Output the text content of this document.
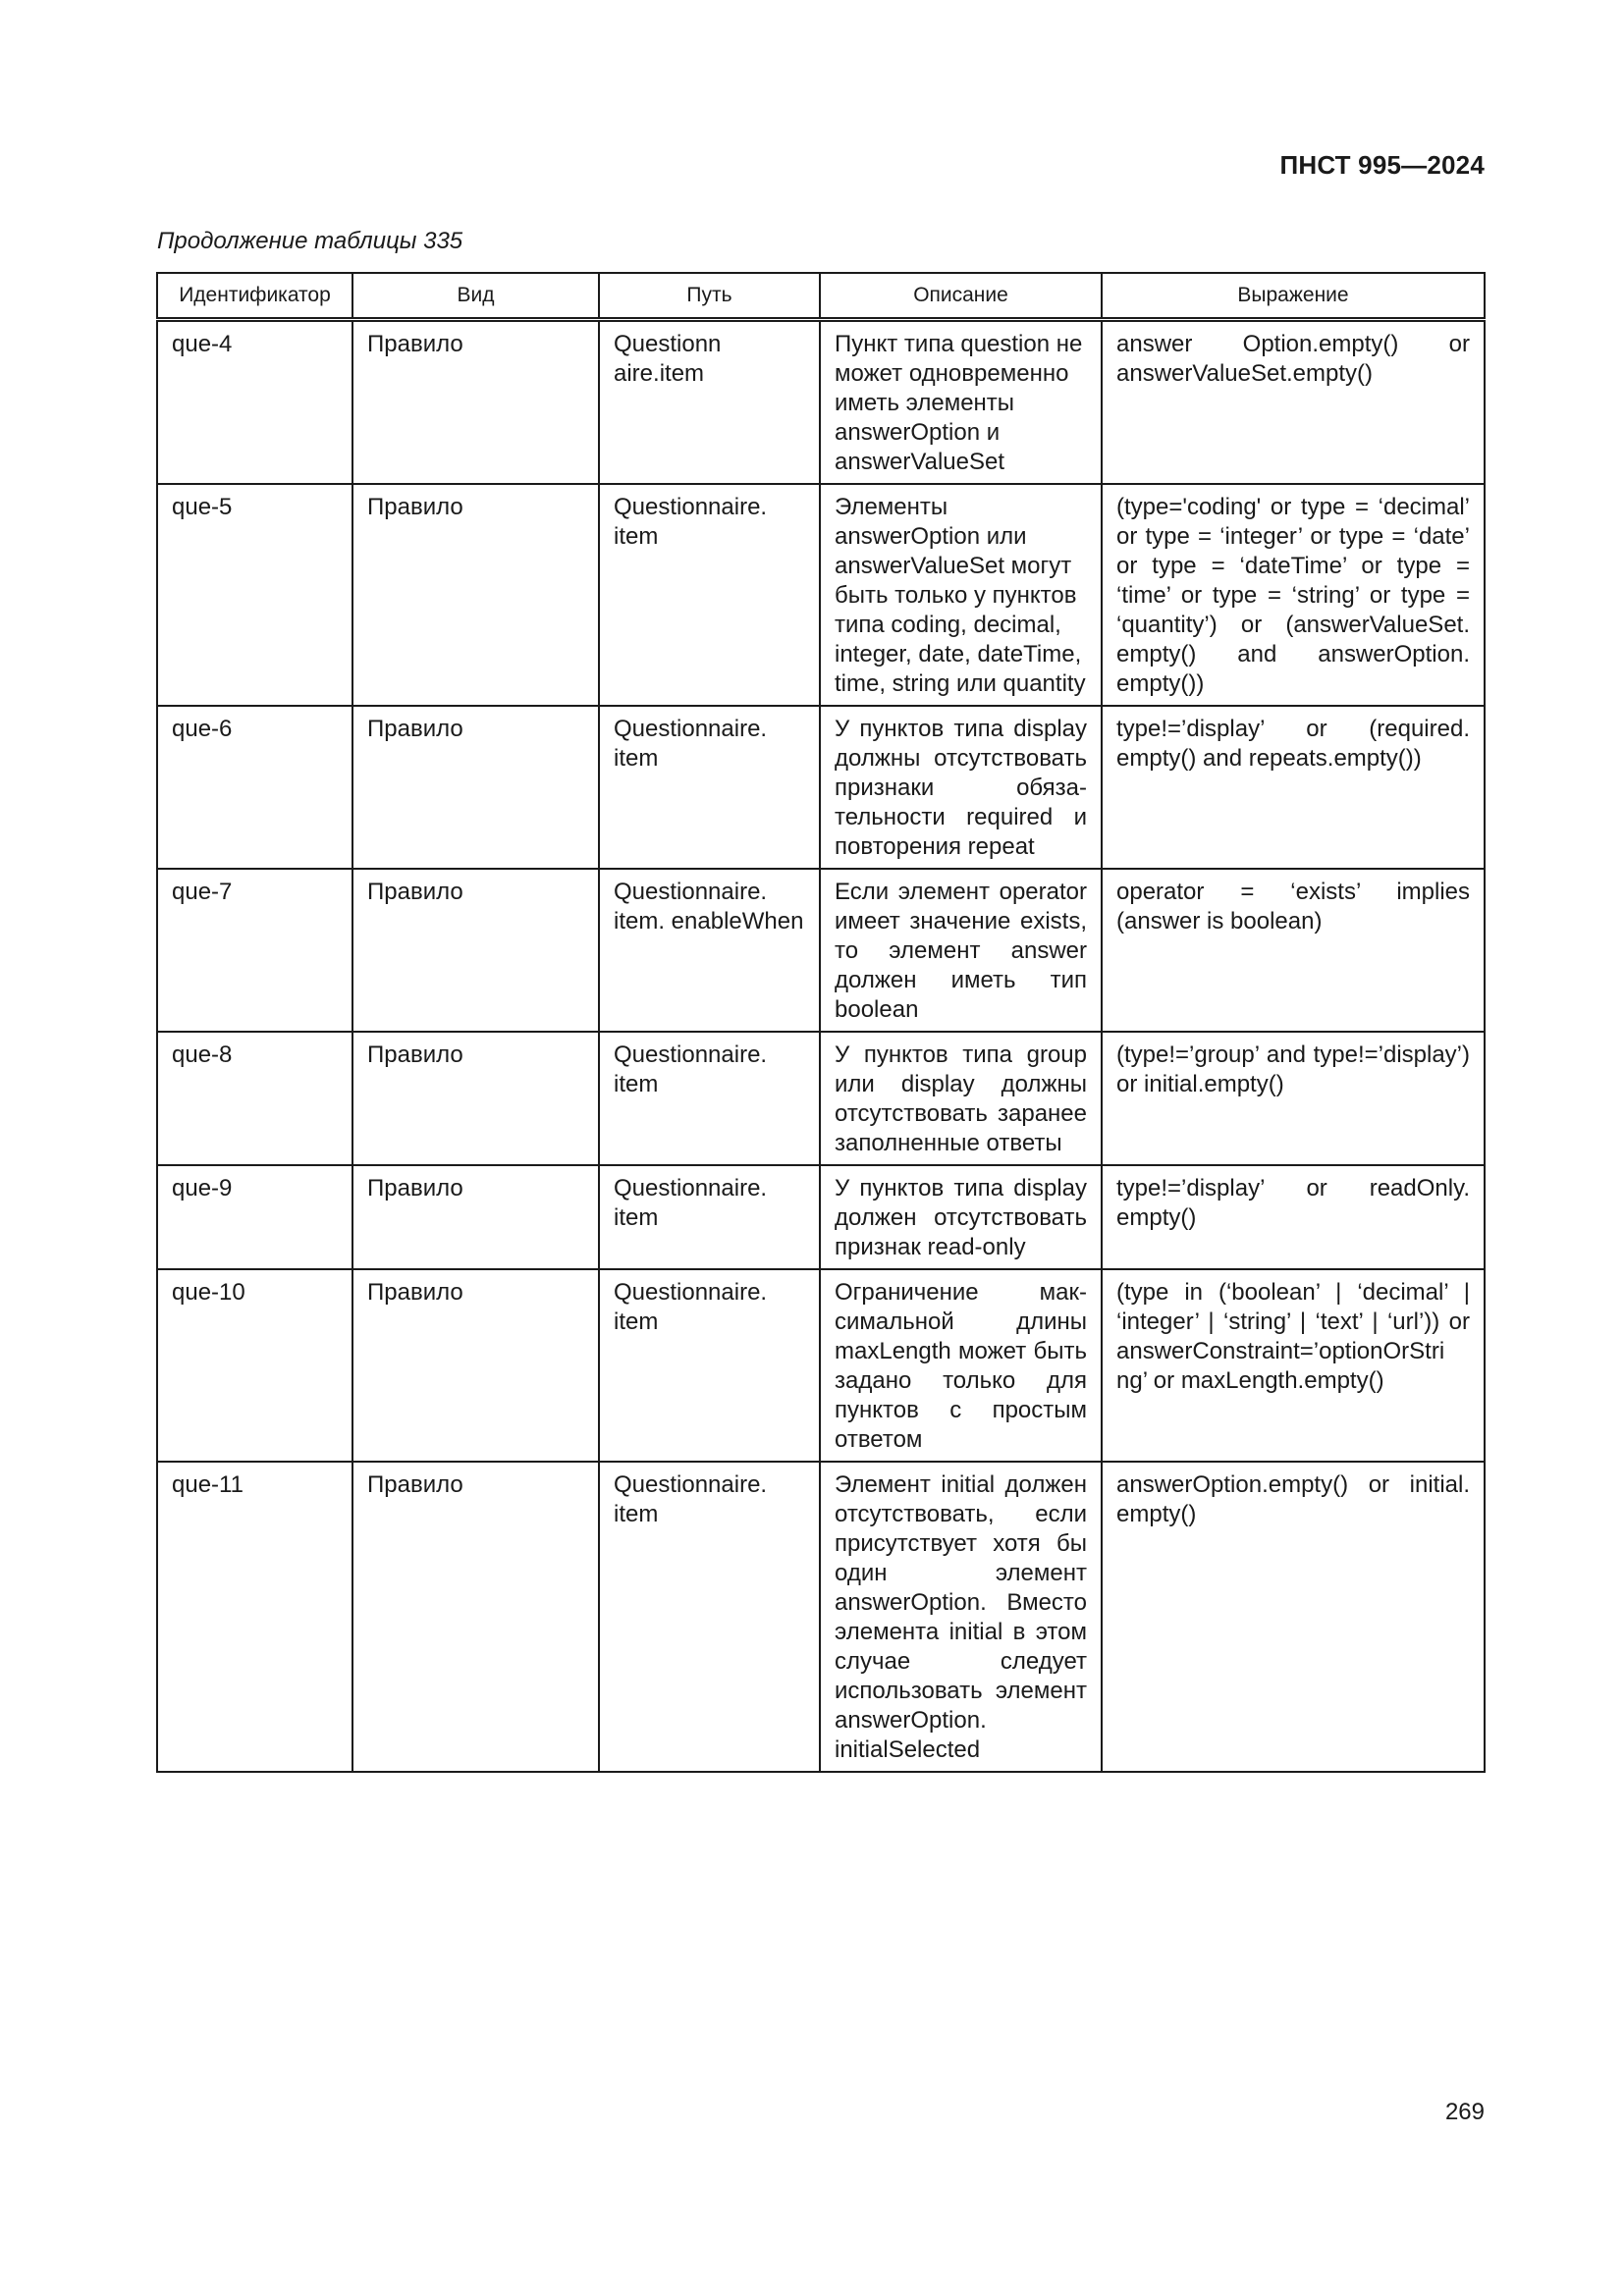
ПНСТ 995—2024
Продолжение таблицы 335
Идентификатор	Вид	Путь	Описание	Выражение
que-4	Правило	Questionn aire.item	Пункт типа question не может одновременно иметь элементы answerOption и answerValueSet	answer Option.empty() or answerValueSet.empty()
que-5	Правило	Questionnaire. item	Элементы answerOption или answerValueSet могут быть только у пунктов типа coding, decimal, integer, date, dateTime, time, string или quantity	(type='coding' or type = ‘decimal’ or type = ‘integer’ or type = ‘date’ or type = ‘dateTime’ or type = ‘time’ or type = ‘string’ or type = ‘quantity’) or (answerValueSet. empty() and answerOption. empty())
que-6	Правило	Questionnaire. item	У пунктов типа display должны отсутствовать признаки обязательности required и повторения repeat	type!=’display’ or (required. empty() and repeats.empty())
que-7	Правило	Questionnaire. item. enableWhen	Если элемент operator имеет значение exists, то элемент answer должен иметь тип boolean	operator = ‘exists’ implies (answer is boolean)
que-8	Правило	Questionnaire. item	У пунктов типа group или display должны отсутствовать заранее заполненные ответы	(type!=’group’ and type!=’display’) or initial.empty()
que-9	Правило	Questionnaire. item	У пунктов типа display должен отсутствовать признак read-only	type!=’display’ or readOnly. empty()
que-10	Правило	Questionnaire. item	Ограничение максимальной длины maxLength может быть задано только для пунктов с простым ответом	(type in (‘boolean’ | ‘decimal’ | ‘integer’ | ‘string’ | ‘text’ | ‘url’)) or answerConstraint=’optionOrStri ng’ or maxLength.empty()
que-11	Правило	Questionnaire. item	Элемент initial должен отсутствовать, если присутствует хотя бы один элемент answerOption. Вместо элемента initial в этом случае следует использовать элемент answerOption. initialSelected	answerOption.empty() or initial. empty()
269
